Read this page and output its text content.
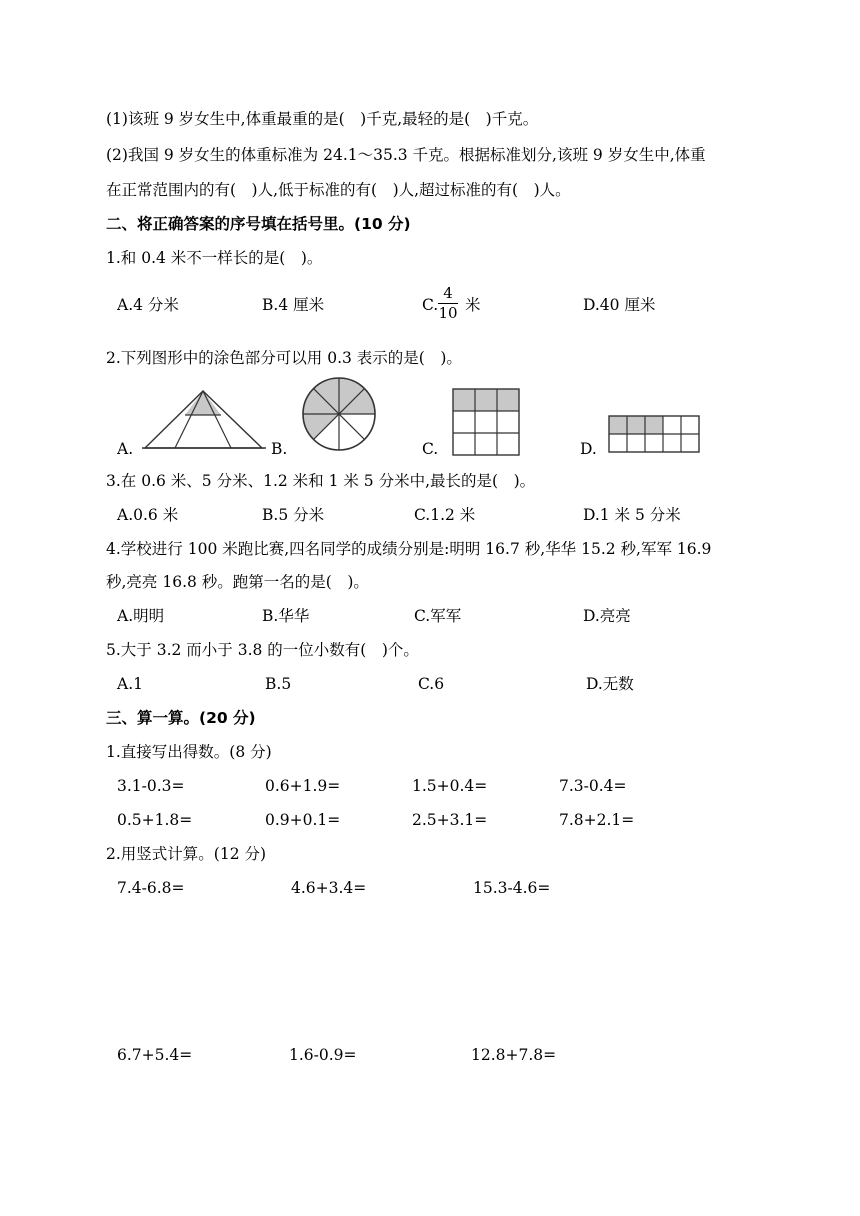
(1)该班 9 岁女生中,体重最重的是(　)千克,最轻的是(　)千克。
(2)我国 9 岁女生的体重标准为 24.1～35.3 千克。根据标准划分,该班 9 岁女生中,体重
在正常范围内的有(　)人,低于标准的有(　)人,超过标准的有(　)人。
二、将正确答案的序号填在括号里。(10 分)
1.和 0.4 米不一样长的是(　)。
A.4 分米	B.4 厘米	C.
4
10 米	D.40 厘米
2.下列图形中的涂色部分可以用 0.3 表示的是(　)。
A.	B.	C.	D.
3.在 0.6 米、5 分米、1.2 米和 1 米 5 分米中,最长的是(　)。
A.0.6 米	B.5 分米	C.1.2 米	D.1 米 5 分米
4.学校进行 100 米跑比赛,四名同学的成绩分别是:明明 16.7 秒,华华 15.2 秒,军军 16.9
秒,亮亮 16.8 秒。跑第一名的是(　)。
A.明明	B.华华	C.军军	D.亮亮
5.大于 3.2 而小于 3.8 的一位小数有(　)个。
A.1	B.5	C.6	D.无数
三、算一算。(20 分)
1.直接写出得数。(8 分)
3.1-0.3=	0.6+1.9=	1.5+0.4=	7.3-0.4=
0.5+1.8=	0.9+0.1=	2.5+3.1=	7.8+2.1=
2.用竖式计算。(12 分)
7.4-6.8=	4.6+3.4=	15.3-4.6=
6.7+5.4=	1.6-0.9=	12.8+7.8=
